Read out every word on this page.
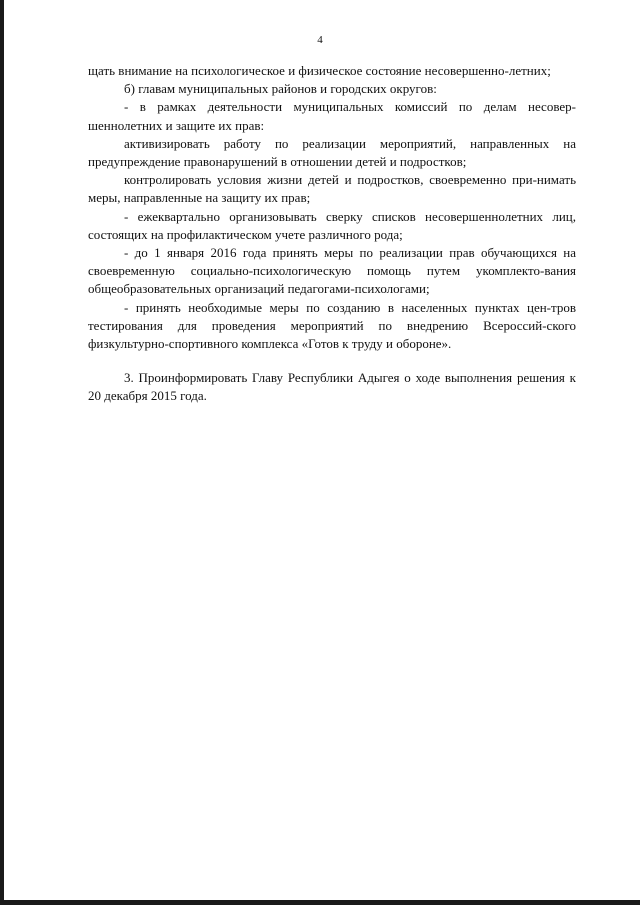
4

щать внимание на психологическое и физическое состояние несовершенно-летних;

б) главам муниципальных районов и городских округов:

- в рамках деятельности муниципальных комиссий по делам несовер-шеннолетних и защите их прав:

активизировать работу по реализации мероприятий, направленных на предупреждение правонарушений в отношении детей и подростков;

контролировать условия жизни детей и подростков, своевременно при-нимать меры, направленные на защиту их прав;

- ежеквартально организовывать сверку списков несовершеннолетних лиц, состоящих на профилактическом учете различного рода;

- до 1 января 2016 года принять меры по реализации прав обучающихся на своевременную социально-психологическую помощь путем укомплекто-вания общеобразовательных организаций педагогами-психологами;

- принять необходимые меры по созданию в населенных пунктах цен-тров тестирования для проведения мероприятий по внедрению Всероссий-ского физкультурно-спортивного комплекса «Готов к труду и обороне».

3. Проинформировать Главу Республики Адыгея о ходе выполнения решения к 20 декабря 2015 года.
